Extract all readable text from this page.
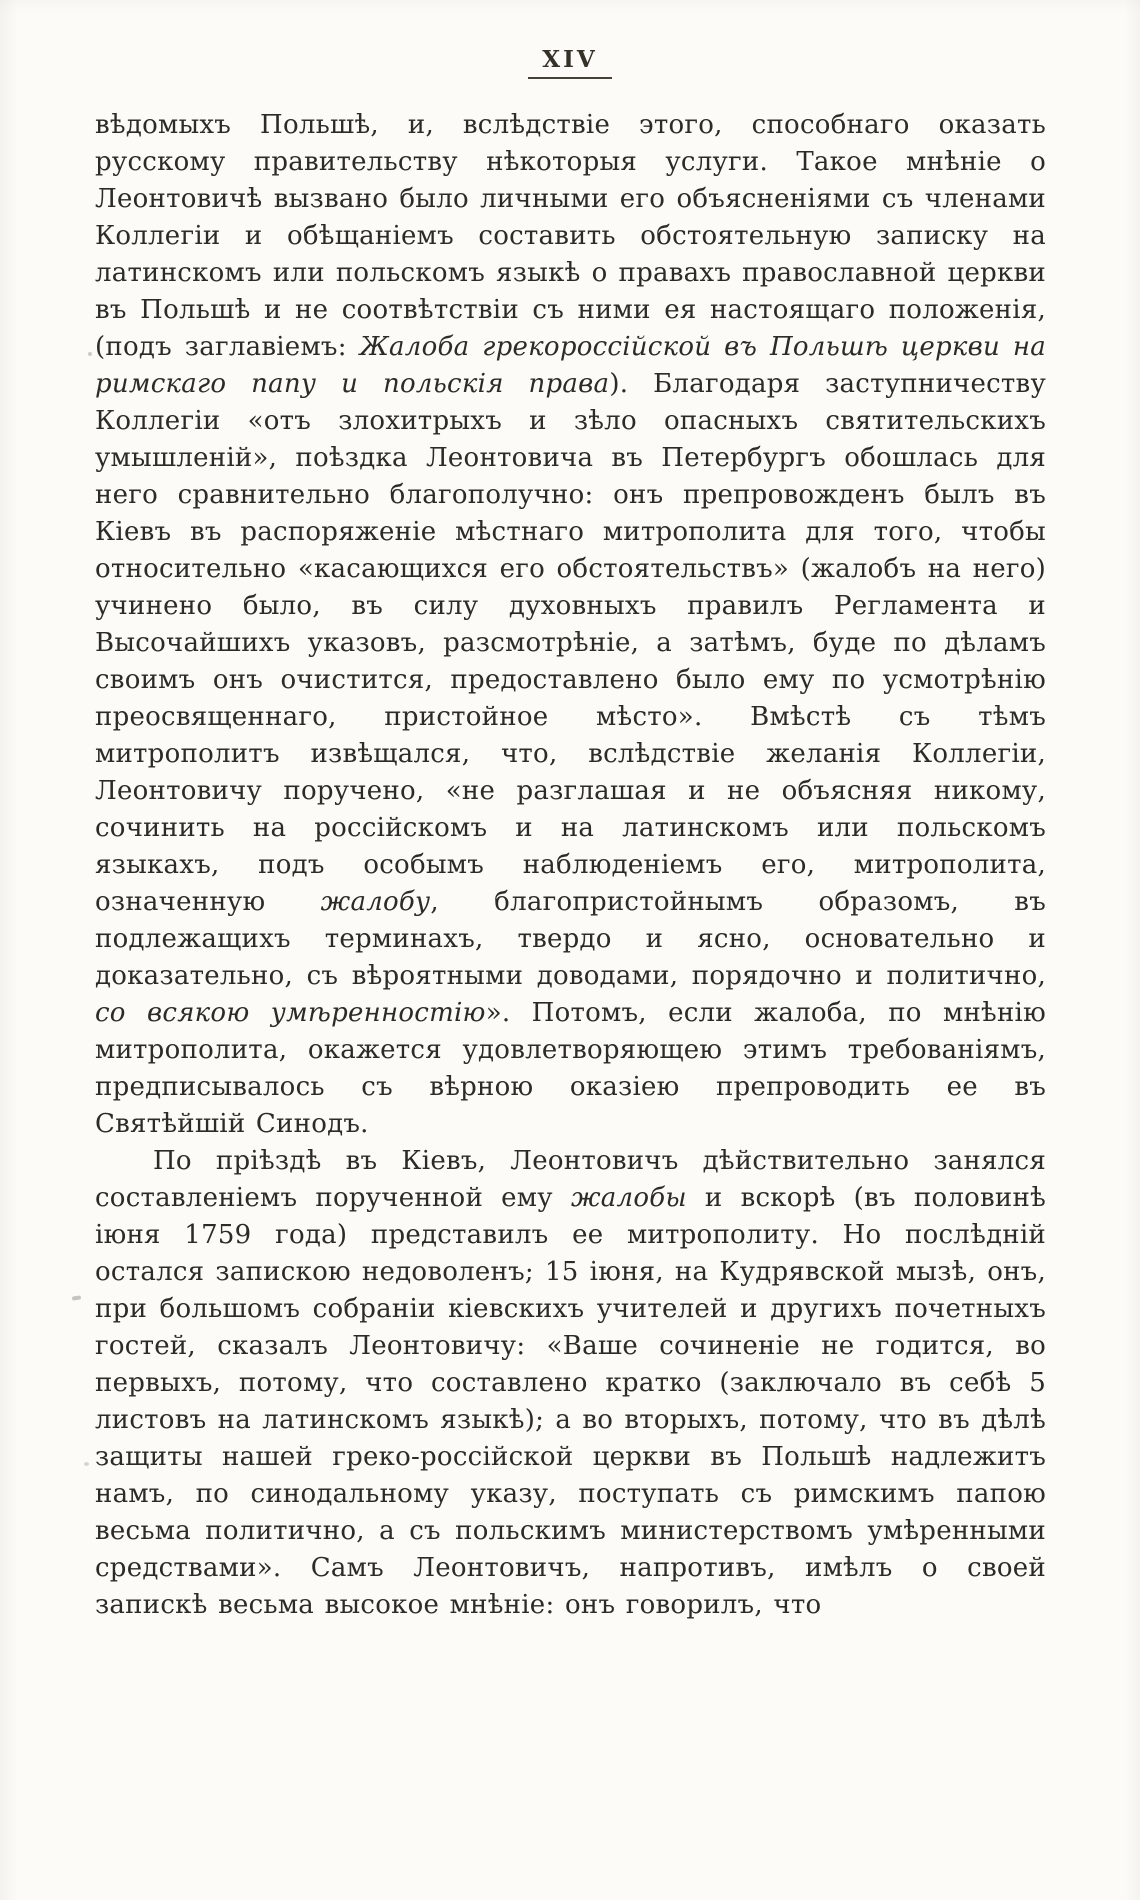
XIV

вѣдомыхъ Польшѣ, и, вслѣдствіе этого, способнаго оказать русскому правительству нѣкоторыя услуги. Такое мнѣніе о Леонтовичѣ вызвано было личными его объясненіями съ членами Коллегіи и обѣщаніемъ составить обстоятельную записку на латинскомъ или польскомъ языкѣ о правахъ православной церкви въ Польшѣ и не соотвѣтствіи съ ними ея настоящаго положенія, (подъ заглавіемъ: Жалоба грекороссійской въ Польшѣ церкви на римскаго папу и польскія права). Благодаря заступничеству Коллегіи «отъ злохитрыхъ и зѣло опасныхъ святительскихъ умышленій», поѣздка Леонтовича въ Петербургъ обошлась для него сравнительно благополучно: онъ препровожденъ былъ въ Кіевъ въ распоряженіе мѣстнаго митрополита для того, чтобы относительно «касающихся его обстоятельствъ» (жалобъ на него) учинено было, въ силу духовныхъ правилъ Регламента и Высочайшихъ указовъ, разсмотрѣніе, а затѣмъ, буде по дѣламъ своимъ онъ очистится, предоставлено было ему по усмотрѣнію преосвященнаго, пристойное мѣсто». Вмѣстѣ съ тѣмъ митрополитъ извѣщался, что, вслѣдствіе желанія Коллегіи, Леонтовичу поручено, «не разглашая и не объясняя никому, сочинить на россійскомъ и на латинскомъ или польскомъ языкахъ, подъ особымъ наблюденіемъ его, митрополита, означенную жалобу, благопристойнымъ образомъ, въ подлежащихъ терминахъ, твердо и ясно, основательно и доказательно, съ вѣроятными доводами, порядочно и политично, со всякою умѣренностію». Потомъ, если жалоба, по мнѣнію митрополита, окажется удовлетворяющею этимъ требованіямъ, предписывалось съ вѣрною оказіею препроводить ее въ Святѣйшій Синодъ.

По пріѣздѣ въ Кіевъ, Леонтовичъ дѣйствительно занялся составленіемъ порученной ему жалобы и вскорѣ (въ половинѣ іюня 1759 года) представилъ ее митрополиту. Но послѣдній остался запискою недоволенъ; 15 іюня, на Кудрявской мызѣ, онъ, при большомъ собраніи кіевскихъ учителей и другихъ почетныхъ гостей, сказалъ Леонтовичу: «Ваше сочиненіе не годится, во первыхъ, потому, что составлено кратко (заключало въ себѣ 5 листовъ на латинскомъ языкѣ); а во вторыхъ, потому, что въ дѣлѣ защиты нашей греко-россійской церкви въ Польшѣ надлежитъ намъ, по синодальному указу, поступать съ римскимъ папою весьма политично, а съ польскимъ министерствомъ умѣренными средствами». Самъ Леонтовичъ, напротивъ, имѣлъ о своей запискѣ весьма высокое мнѣніе: онъ говорилъ, что
